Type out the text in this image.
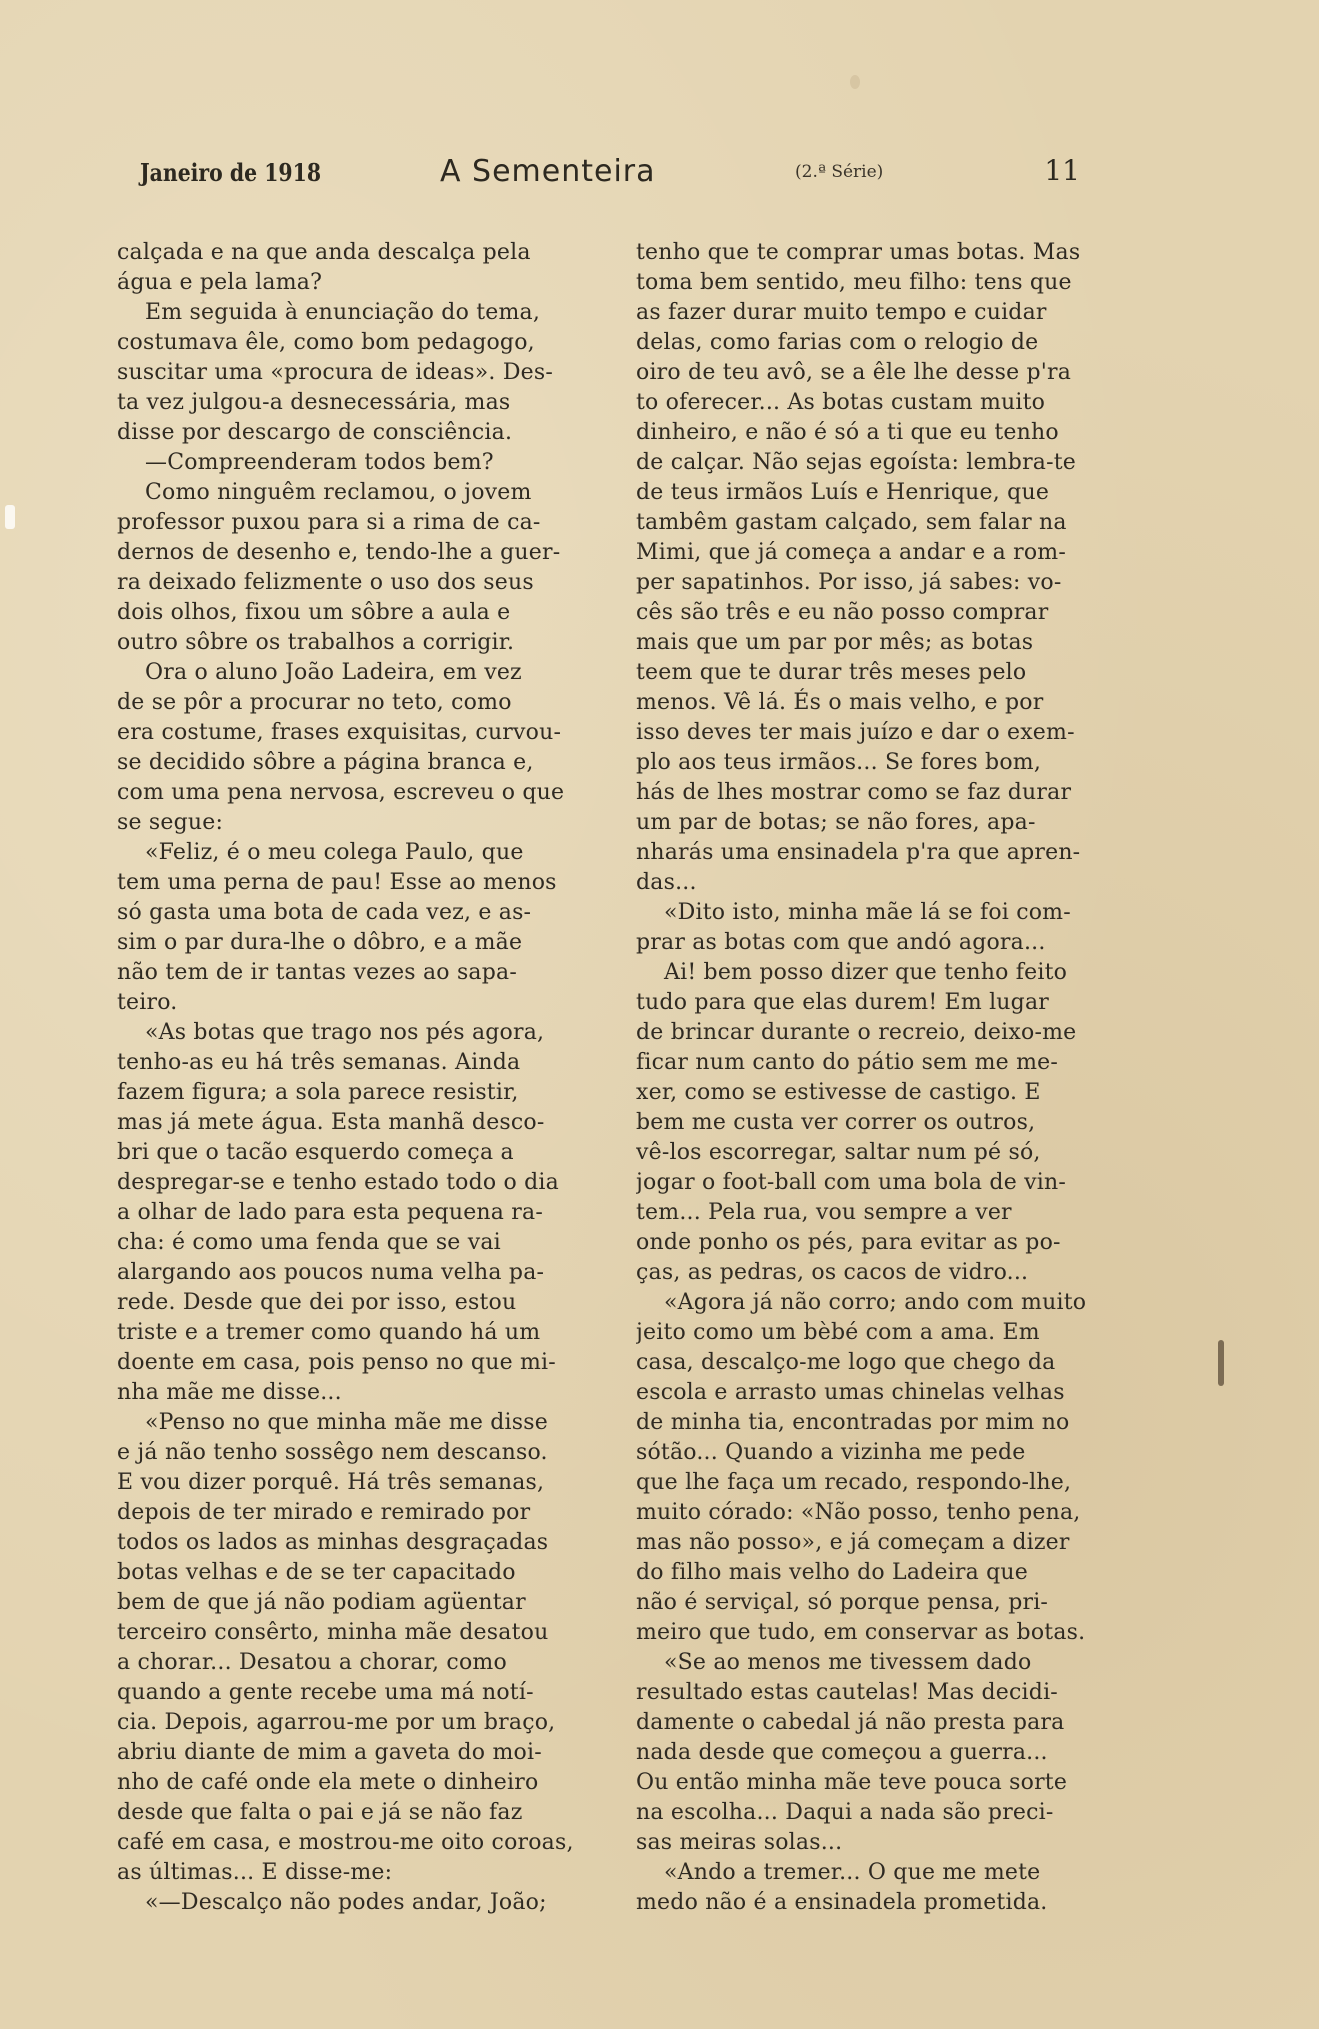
Janeiro de 1918	A Sementeira	(2.ª Série)	11
calçada e na que anda descalça pela
água e pela lama?
Em seguida à enunciação do tema,
costumava êle, como bom pedagogo,
suscitar uma «procura de ideas». Des-
ta vez julgou-a desnecessária, mas
disse por descargo de consciência.
—Compreenderam todos bem?
Como ninguêm reclamou, o jovem
professor puxou para si a rima de ca-
dernos de desenho e, tendo-lhe a guer-
ra deixado felizmente o uso dos seus
dois olhos, fixou um sôbre a aula e
outro sôbre os trabalhos a corrigir.
Ora o aluno João Ladeira, em vez
de se pôr a procurar no teto, como
era costume, frases exquisitas, curvou-
se decidido sôbre a página branca e,
com uma pena nervosa, escreveu o que
se segue:
«Feliz, é o meu colega Paulo, que
tem uma perna de pau! Esse ao menos
só gasta uma bota de cada vez, e as-
sim o par dura-lhe o dôbro, e a mãe
não tem de ir tantas vezes ao sapa-
teiro.
«As botas que trago nos pés agora,
tenho-as eu há três semanas. Ainda
fazem figura; a sola parece resistir,
mas já mete água. Esta manhã desco-
bri que o tacão esquerdo começa a
despregar-se e tenho estado todo o dia
a olhar de lado para esta pequena ra-
cha: é como uma fenda que se vai
alargando aos poucos numa velha pa-
rede. Desde que dei por isso, estou
triste e a tremer como quando há um
doente em casa, pois penso no que mi-
nha mãe me disse...
«Penso no que minha mãe me disse
e já não tenho sossêgo nem descanso.
E vou dizer porquê. Há três semanas,
depois de ter mirado e remirado por
todos os lados as minhas desgraçadas
botas velhas e de se ter capacitado
bem de que já não podiam agüentar
terceiro consêrto, minha mãe desatou
a chorar... Desatou a chorar, como
quando a gente recebe uma má notí-
cia. Depois, agarrou-me por um braço,
abriu diante de mim a gaveta do moi-
nho de café onde ela mete o dinheiro
desde que falta o pai e já se não faz
café em casa, e mostrou-me oito coroas,
as últimas... E disse-me:
«—Descalço não podes andar, João;
tenho que te comprar umas botas. Mas
toma bem sentido, meu filho: tens que
as fazer durar muito tempo e cuidar
delas, como farias com o relogio de
oiro de teu avô, se a êle lhe desse p'ra
to oferecer... As botas custam muito
dinheiro, e não é só a ti que eu tenho
de calçar. Não sejas egoísta: lembra-te
de teus irmãos Luís e Henrique, que
tambêm gastam calçado, sem falar na
Mimi, que já começa a andar e a rom-
per sapatinhos. Por isso, já sabes: vo-
cês são três e eu não posso comprar
mais que um par por mês; as botas
teem que te durar três meses pelo
menos. Vê lá. És o mais velho, e por
isso deves ter mais juízo e dar o exem-
plo aos teus irmãos... Se fores bom,
hás de lhes mostrar como se faz durar
um par de botas; se não fores, apa-
nharás uma ensinadela p'ra que apren-
das...
«Dito isto, minha mãe lá se foi com-
prar as botas com que andó agora...
Ai! bem posso dizer que tenho feito
tudo para que elas durem! Em lugar
de brincar durante o recreio, deixo-me
ficar num canto do pátio sem me me-
xer, como se estivesse de castigo. E
bem me custa ver correr os outros,
vê-los escorregar, saltar num pé só,
jogar o foot-ball com uma bola de vin-
tem... Pela rua, vou sempre a ver
onde ponho os pés, para evitar as po-
ças, as pedras, os cacos de vidro...
«Agora já não corro; ando com muito
jeito como um bèbé com a ama. Em
casa, descalço-me logo que chego da
escola e arrasto umas chinelas velhas
de minha tia, encontradas por mim no
sótão... Quando a vizinha me pede
que lhe faça um recado, respondo-lhe,
muito córado: «Não posso, tenho pena,
mas não posso», e já começam a dizer
do filho mais velho do Ladeira que
não é serviçal, só porque pensa, pri-
meiro que tudo, em conservar as botas.
«Se ao menos me tivessem dado
resultado estas cautelas! Mas decidi-
damente o cabedal já não presta para
nada desde que começou a guerra...
Ou então minha mãe teve pouca sorte
na escolha... Daqui a nada são preci-
sas meiras solas...
«Ando a tremer... O que me mete
medo não é a ensinadela prometida.
